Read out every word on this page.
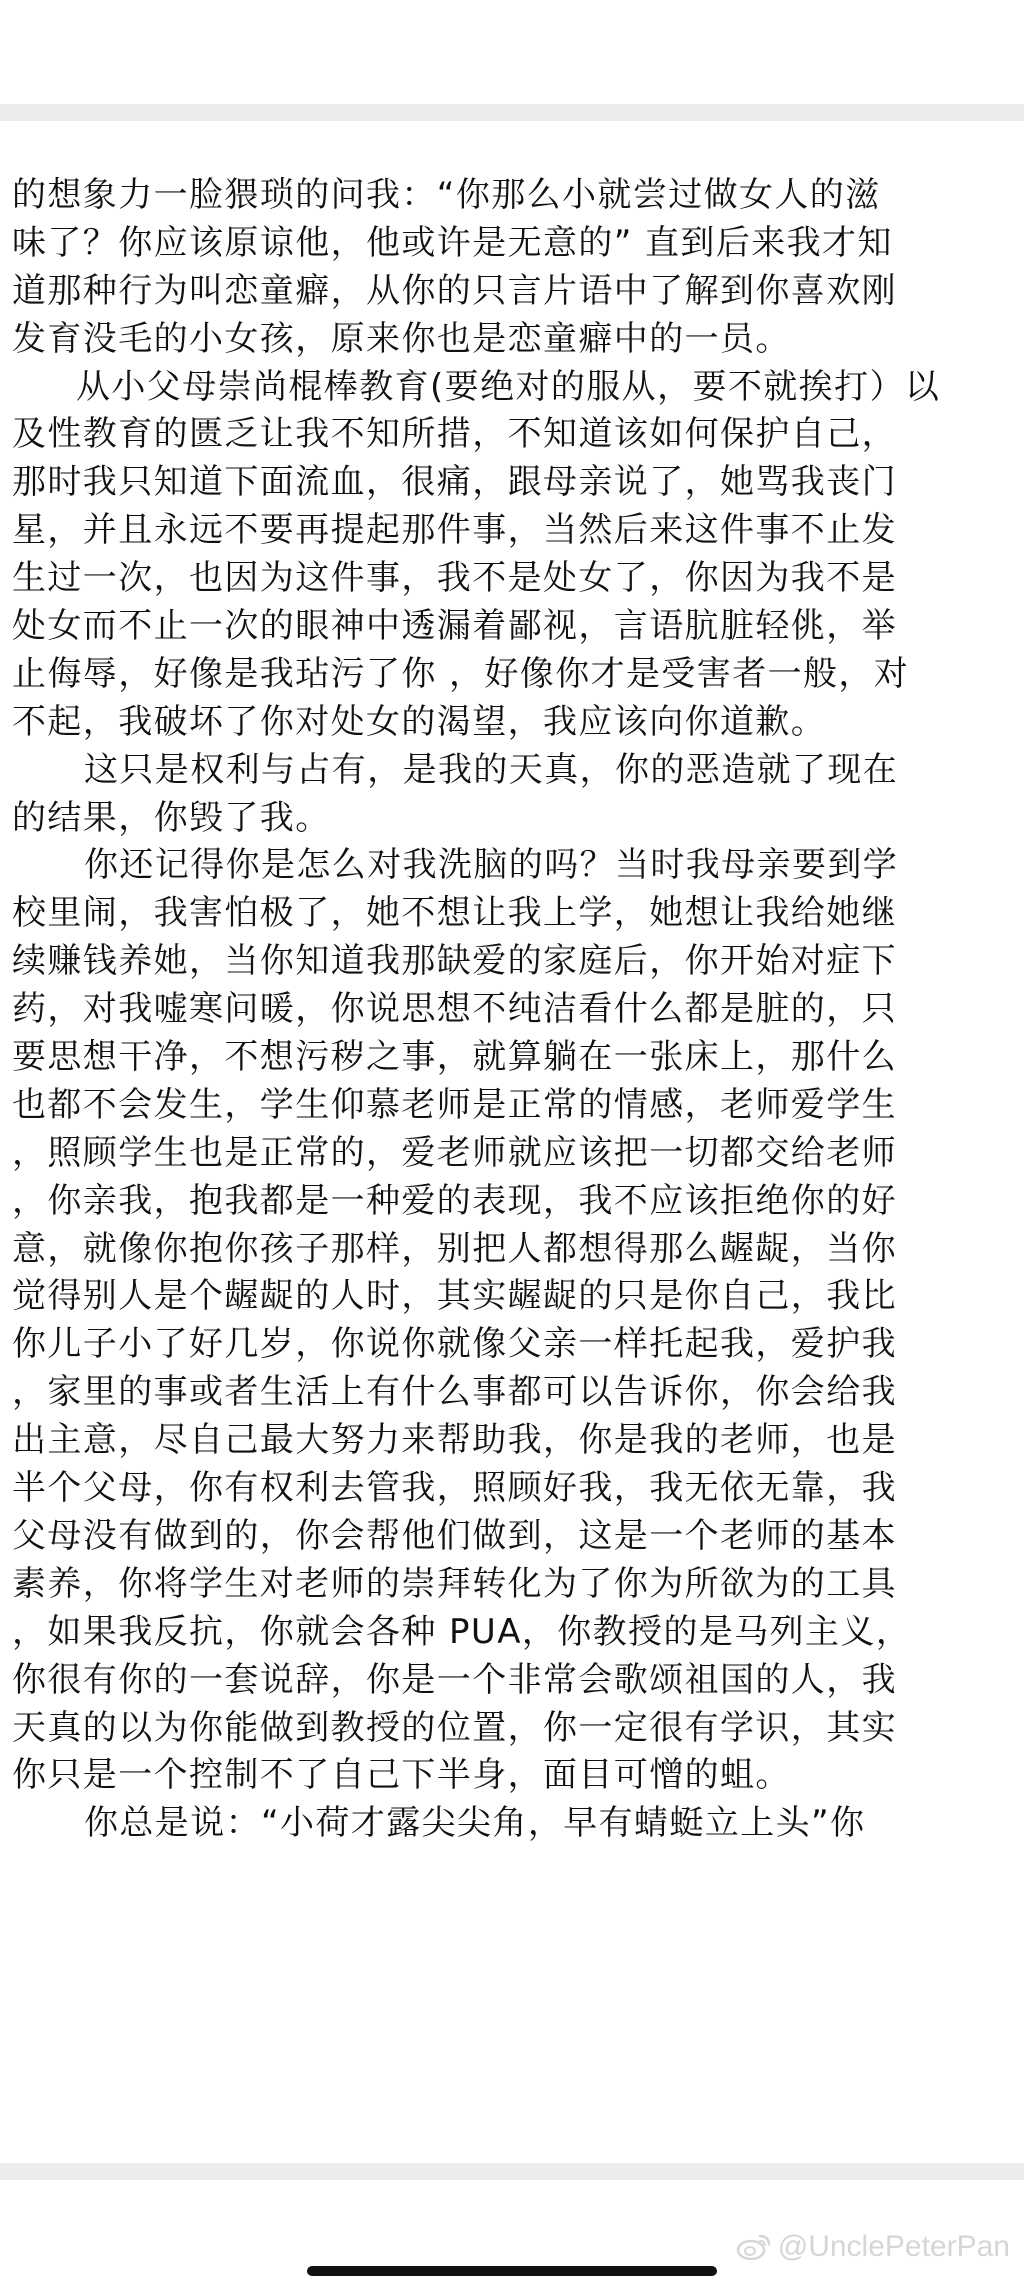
的想象力一脸猥琐的问我：“你那么小就尝过做女人的滋
味了？你应该原谅他，他或许是无意的” 直到后来我才知
道那种行为叫恋童癖，从你的只言片语中了解到你喜欢刚
发育没毛的小女孩，原来你也是恋童癖中的一员。
从小父母崇尚棍棒教育(要绝对的服从，要不就挨打）以
及性教育的匮乏让我不知所措，不知道该如何保护自己，
那时我只知道下面流血，很痛，跟母亲说了，她骂我丧门
星，并且永远不要再提起那件事，当然后来这件事不止发
生过一次，也因为这件事，我不是处女了，你因为我不是
处女而不止一次的眼神中透漏着鄙视，言语肮脏轻佻，举
止侮辱，好像是我玷污了你 ，好像你才是受害者一般，对
不起，我破坏了你对处女的渴望，我应该向你道歉。
这只是权利与占有，是我的天真，你的恶造就了现在
的结果，你毁了我。
你还记得你是怎么对我洗脑的吗？当时我母亲要到学
校里闹，我害怕极了，她不想让我上学，她想让我给她继
续赚钱养她，当你知道我那缺爱的家庭后，你开始对症下
药，对我嘘寒问暖，你说思想不纯洁看什么都是脏的，只
要思想干净，不想污秽之事，就算躺在一张床上，那什么
也都不会发生，学生仰慕老师是正常的情感，老师爱学生
，照顾学生也是正常的，爱老师就应该把一切都交给老师
，你亲我，抱我都是一种爱的表现，我不应该拒绝你的好
意，就像你抱你孩子那样，别把人都想得那么龌龊，当你
觉得别人是个龌龊的人时，其实龌龊的只是你自己，我比
你儿子小了好几岁，你说你就像父亲一样托起我，爱护我
，家里的事或者生活上有什么事都可以告诉你，你会给我
出主意，尽自己最大努力来帮助我，你是我的老师，也是
半个父母，你有权利去管我，照顾好我，我无依无靠，我
父母没有做到的，你会帮他们做到，这是一个老师的基本
素养，你将学生对老师的崇拜转化为了你为所欲为的工具
，如果我反抗，你就会各种 PUA，你教授的是马列主义，
你很有你的一套说辞，你是一个非常会歌颂祖国的人，我
天真的以为你能做到教授的位置，你一定很有学识，其实
你只是一个控制不了自己下半身，面目可憎的蛆。
你总是说：“小荷才露尖尖角，早有蜻蜓立上头”你
@UnclePeterPan
